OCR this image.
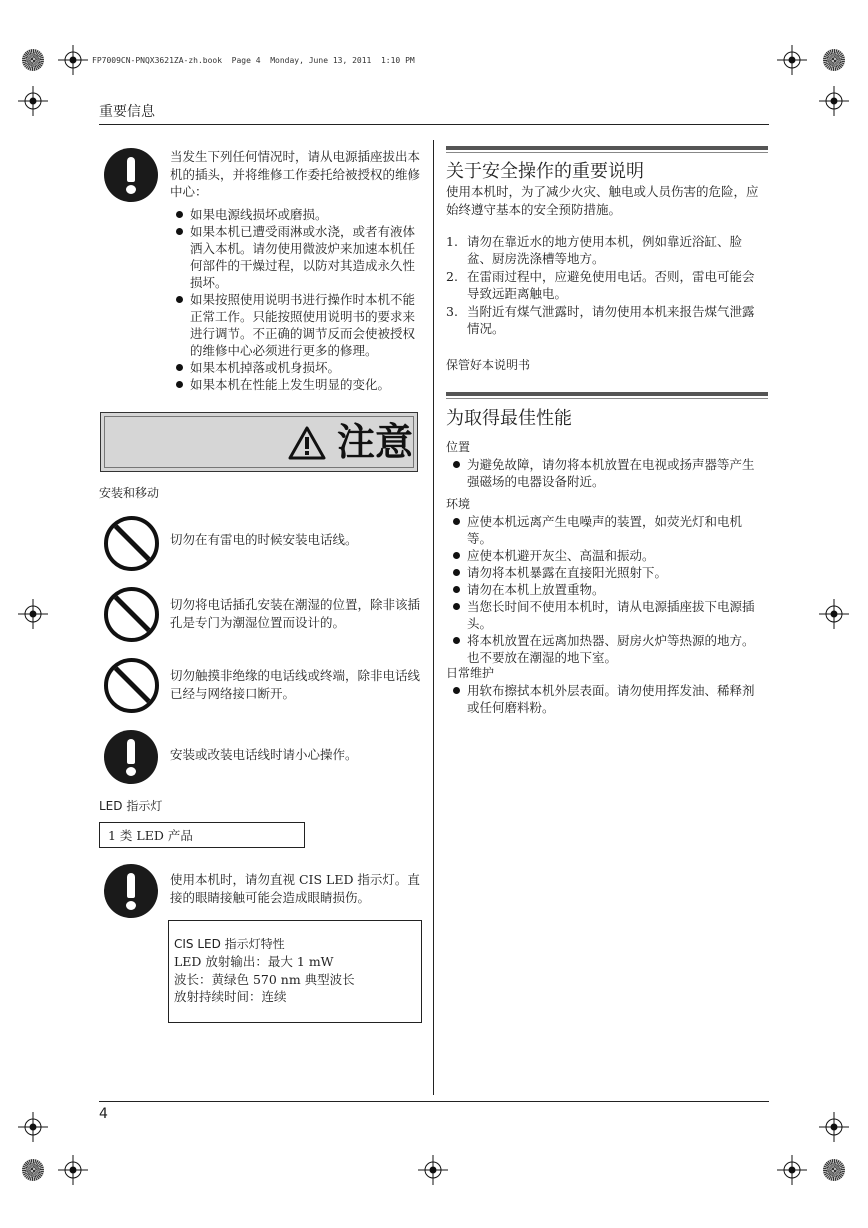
FP7009CN-PNQX3621ZA-zh.book  Page 4  Monday, June 13, 2011  1:10 PM
重要信息
当发生下列任何情况时，请从电源插座拔出本机的插头，并将维修工作委托给被授权的维修中心：
如果电源线损坏或磨损。
如果本机已遭受雨淋或水浇，或者有液体洒入本机。请勿使用微波炉来加速本机任何部件的干燥过程，以防对其造成永久性损坏。
如果按照使用说明书进行操作时本机不能正常工作。只能按照使用说明书的要求来进行调节。不正确的调节反而会使被授权的维修中心必须进行更多的修理。
如果本机掉落或机身损坏。
如果本机在性能上发生明显的变化。
注意
安装和移动
切勿在有雷电的时候安装电话线。
切勿将电话插孔安装在潮湿的位置，除非该插孔是专门为潮湿位置而设计的。
切勿触摸非绝缘的电话线或终端，除非电话线已经与网络接口断开。
安装或改装电话线时请小心操作。
LED 指示灯
1 类 LED 产品
使用本机时，请勿直视 CIS LED 指示灯。直接的眼睛接触可能会造成眼睛损伤。
CIS LED 指示灯特性
LED 放射输出：最大 1 mW
波长：黄绿色 570 nm 典型波长
放射持续时间：连续
关于安全操作的重要说明
使用本机时，为了减少火灾、触电或人员伤害的危险，应始终遵守基本的安全预防措施。
1. 请勿在靠近水的地方使用本机，例如靠近浴缸、脸盆、厨房洗涤槽等地方。
2. 在雷雨过程中，应避免使用电话。否则，雷电可能会导致远距离触电。
3. 当附近有煤气泄露时，请勿使用本机来报告煤气泄露情况。
保管好本说明书
为取得最佳性能
位置
为避免故障，请勿将本机放置在电视或扬声器等产生强磁场的电器设备附近。
环境
应使本机远离产生电噪声的装置，如荧光灯和电机等。
应使本机避开灰尘、高温和振动。
请勿将本机暴露在直接阳光照射下。
请勿在本机上放置重物。
当您长时间不使用本机时，请从电源插座拔下电源插头。
将本机放置在远离加热器、厨房火炉等热源的地方。也不要放在潮湿的地下室。
日常维护
用软布擦拭本机外层表面。请勿使用挥发油、稀释剂或任何磨料粉。
4
